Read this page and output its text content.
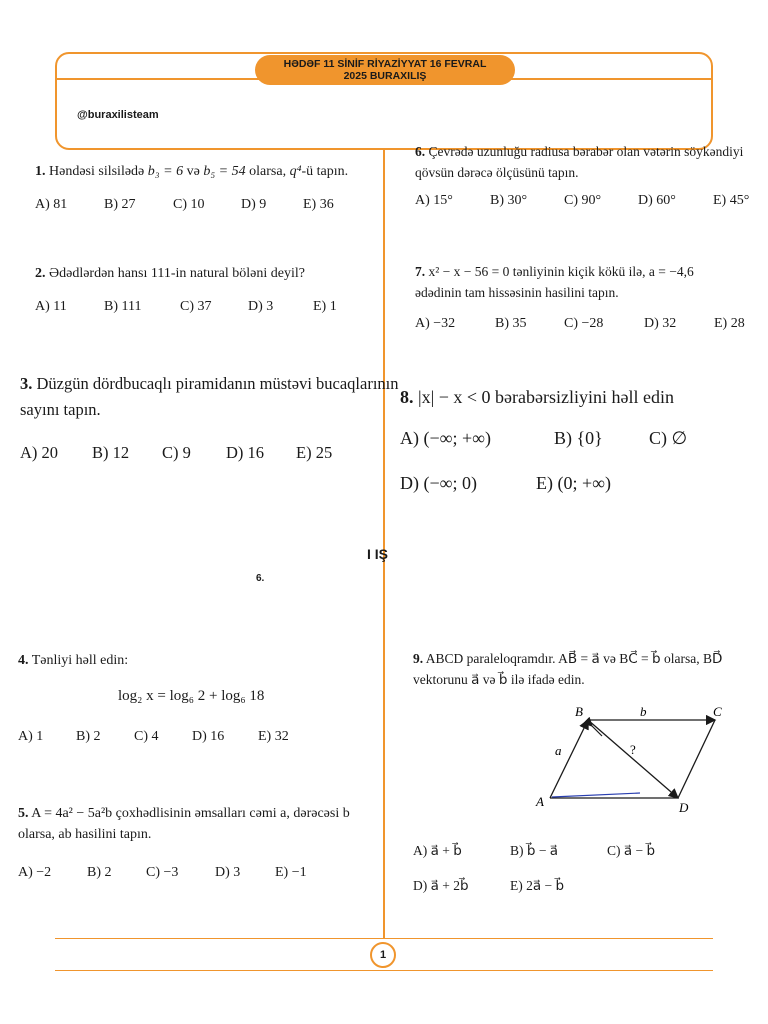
HƏDƏF 11 SİNİF RİYAZİYYAT 16 FEVRAL
2025 BURAXILIŞ
@buraxilisteam
1. Həndəsi silsilədə b₃ = 6 və b₅ = 54 olarsa, q⁴-ü tapın.
A) 81	B) 27	C) 10	D) 9	E) 36
2. Ədədlərdən hansı 111-in natural böləni deyil?
A) 11	B) 111	C) 37	D) 3	E) 1
3. Düzgün dördbucaqlı piramidanın müstəvi bucaqlarının
sayını tapın.
A) 20	B) 12	C) 9	D) 16	E) 25
I IŞ
6.
4. Tənliyi həll edin:
log₂ x = log₆ 2 + log₆ 18
A) 1	B) 2	C) 4	D) 16	E) 32
5. A = 4a² − 5a²b çoxhədlisinin əmsalları cəmi a, dərəcəsi b
olarsa, ab hasilini tapın.
A) −2	B) 2	C) −3	D) 3	E) −1
6. Çevrədə uzunluğu radiusa bərabər olan vətərin söykəndiyi
qövsün dərəcə ölçüsünü tapın.
A) 15°	B) 30°	C) 90°	D) 60°	E) 45°
7. x² − x − 56 = 0 tənliyinin kiçik kökü ilə, a = −4,6
ədədinin tam hissəsinin hasilini tapın.
A) −32	B) 35	C) −28	D) 32	E) 28
8. |x| − x < 0 bərabərsizliyini həll edin
A) (−∞; +∞)	B) {0}	C) ∅
D) (−∞; 0)	E) (0; +∞)
9. ABCD paraleloqramdır. AB⃗ = a⃗ və BC⃗ = b⃗ olarsa, BD⃗
vektorunu a⃗ və b⃗ ilə ifadə edin.
B	C
A	D
b⃗
a⃗	?
A) a⃗ + b⃗	B) b⃗ − a⃗	C) a⃗ − b⃗
D) a⃗ + 2b⃗	E) 2a⃗ − b⃗
1
